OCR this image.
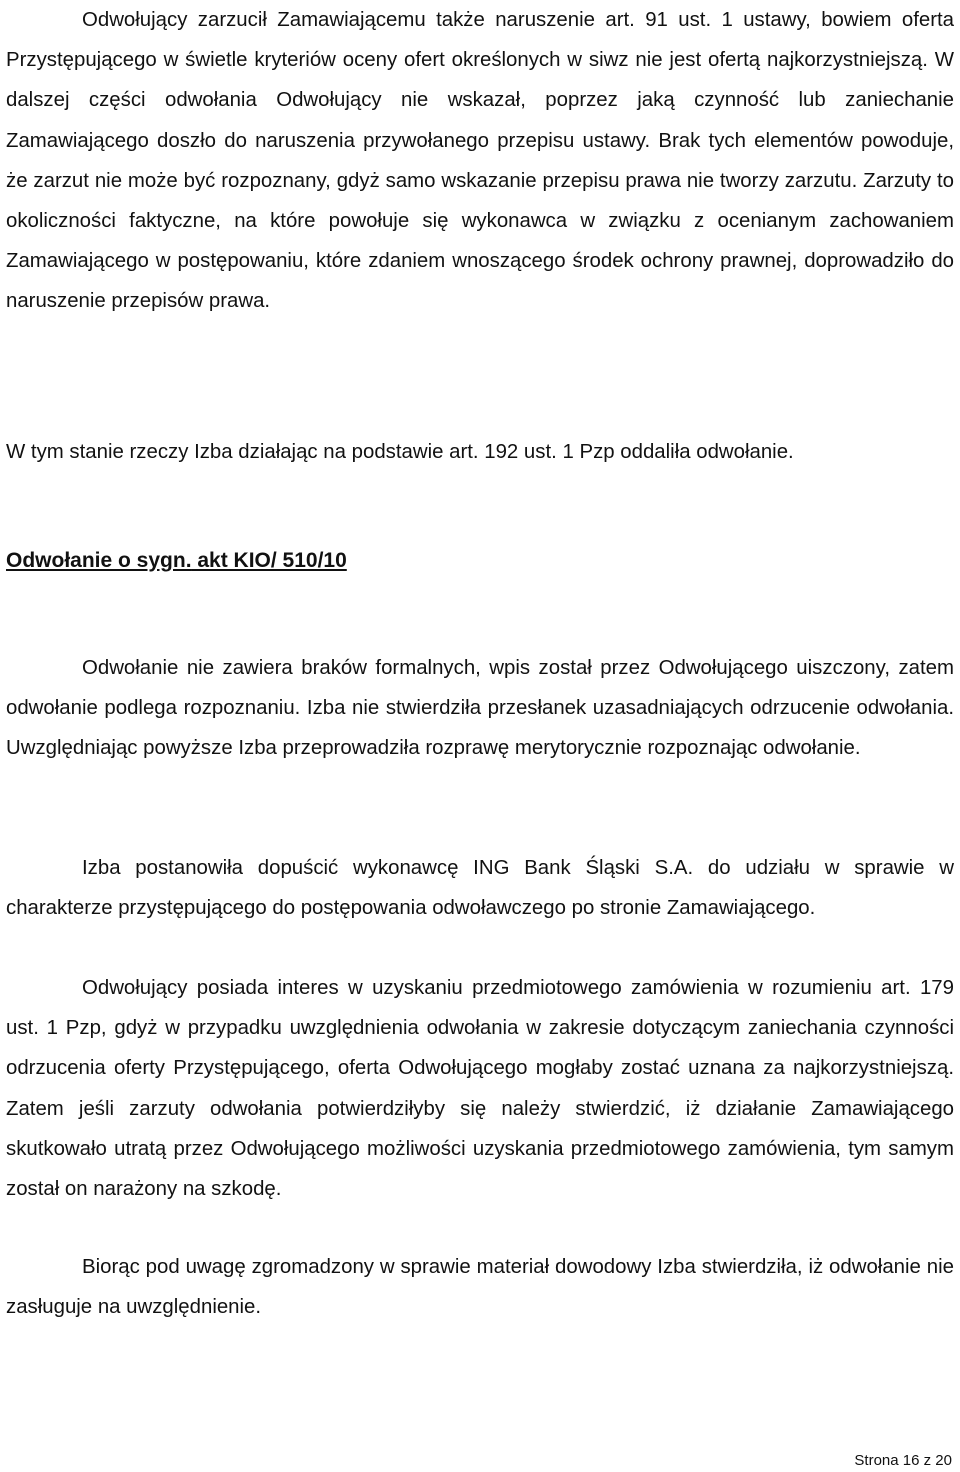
Odwołujący zarzucił Zamawiającemu także naruszenie art. 91 ust. 1 ustawy, bowiem oferta Przystępującego w świetle kryteriów oceny ofert określonych w siwz nie jest ofertą najkorzystniejszą. W dalszej części odwołania Odwołujący nie wskazał, poprzez jaką czynność lub zaniechanie Zamawiającego doszło do naruszenia przywołanego przepisu ustawy. Brak tych elementów powoduje, że zarzut nie może być rozpoznany, gdyż samo wskazanie przepisu prawa nie tworzy zarzutu. Zarzuty to okoliczności faktyczne, na które powołuje się wykonawca w związku z ocenianym zachowaniem Zamawiającego w postępowaniu, które zdaniem wnoszącego środek ochrony prawnej, doprowadziło do naruszenie przepisów prawa.

W tym stanie rzeczy Izba działając na podstawie art. 192 ust. 1 Pzp oddaliła odwołanie.

Odwołanie o sygn. akt KIO/ 510/10

Odwołanie nie zawiera braków formalnych, wpis został przez Odwołującego uiszczony, zatem odwołanie podlega rozpoznaniu. Izba nie stwierdziła przesłanek uzasadniających odrzucenie odwołania. Uwzględniając powyższe Izba przeprowadziła rozprawę merytorycznie rozpoznając odwołanie.

Izba postanowiła dopuścić wykonawcę ING Bank Śląski S.A. do udziału w sprawie w charakterze przystępującego do postępowania odwoławczego po stronie Zamawiającego.

Odwołujący posiada interes w uzyskaniu przedmiotowego zamówienia w rozumieniu art. 179 ust. 1 Pzp, gdyż w przypadku uwzględnienia odwołania w zakresie dotyczącym zaniechania czynności odrzucenia oferty Przystępującego, oferta Odwołującego mogłaby zostać uznana za najkorzystniejszą. Zatem jeśli zarzuty odwołania potwierdziłyby się należy stwierdzić, iż działanie Zamawiającego skutkowało utratą przez Odwołującego możliwości uzyskania przedmiotowego zamówienia, tym samym został on narażony na szkodę.

Biorąc pod uwagę zgromadzony w sprawie materiał dowodowy Izba stwierdziła, iż odwołanie nie zasługuje na uwzględnienie.

Strona 16 z 20
